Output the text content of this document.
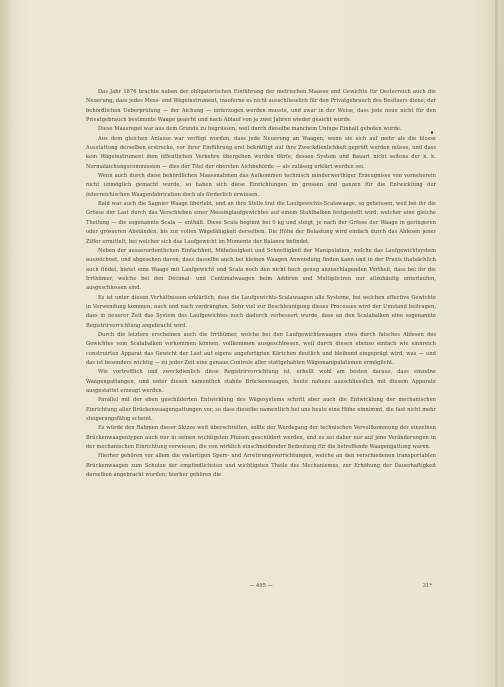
Das Jahr 1876 brachte neben der obligatorischen Einführung der metrischen Maasse und Gewichte für Oesterreich auch die Neuerung, dass jedes Mess- und Wägeinstrument, insoferne es nicht ausschliesslich für den Privatgebrauch des Besitzers diene, der behördlichen Ueberprüfung — der Aichung — unterzogen werden musste, und zwar in der Weise, dass jede neue nicht für den Privatgebrauch bestimmte Waage geaicht und nach Ablauf von je zwei Jahren wieder geaicht wurde.

Diese Maasregel war aus dem Grunde zu begrüssen, weil durch dieselbe manchem Unfuge Einhalt geboten wurde.

Aus dem gleichen Anlasse war verfügt worden, dass jede Neuerung an Waagen, wenn sie sich auf mehr als die blosse Ausstattung derselben erstrecke, vor ihrer Einführung erst bekräftigt auf ihre Zweckdienlichkeit geprüft werden müsse, und dass kein Wägeinstrument dem öffentlichen Verkehre übergeben werden dürfe, dessen System und Bauart nicht seitens der k. k. Normalaichungscommission — dies der Titel der obersten Aichbehörde — als zulässig erklärt worden sei.

Wenn auch durch diese behördlichen Maassnahmen das Aufkommen technisch minderwerthiger Erzeugnisse von vorneherein nicht unmöglich gemacht wurde, so haben sich diese Einrichtungen im grossen und ganzen für die Entwicklung der österreichischen Waagenfabrication doch als förderlich erwiesen.

Bald war auch die Sagnier Waage überlebt, und an ihre Stelle trat die Laufgewichts-Scalawaage, so geheissen, weil bei ihr die Grösse der Last durch das Verschieben einer Messinglaufgewichtes auf einem Stahlbalken festgestellt wird, welcher eine gleiche Theilung — die sogenannte Scala — enthält. Diese Scala beginnt bei 0 kg und steigt, je nach der Grösse der Waage in geringeren oder grösseren Abständen, bis zur vollen Wägefähigkeit derselben. Die Höhe der Belastung wird einfach durch das Ablesen jener Ziffer ermittelt, bei welcher sich das Laufgewicht im Momente der Balance befindet.

Neben der ausserordentlichen Einfachheit, Mühelosigkeit und Schnelligkeit der Manipulation, welche das Laufgewichtsystem auszeichnet, und abgesehen davon, dass dasselbe auch bei kleinen Waagen Anwendung finden kann und in der Praxis thatsächlich auch findet, bietet eine Waage mit Laufgewicht und Scala noch den nicht hoch genug anzuschlagenden Vortheil, dass bei ihr die Irrthümer, welche bei den Decimal- und Centimalwaagen beim Addiren und Multipliciren nur allzuhäufig unterlaufen, ausgeschlossen sind.

Es ist unter diesen Verhältnissen erklärlich, dass die Laufgewichts-Scalawaagen alle Systeme, bei welchen effective Gewichte in Verwendung kommen, nach und nach verdrängten. Sehr viel zur Beschleunigung dieses Processes wird der Umstand beitragen, dass in neuerer Zeit das System des Laufgewichtes noch dadurch verbessert wurde, dass an den Scalabalken eine sogenannte Registrirvorrichtung angebracht wird.

Durch die letztere erscheinen auch die Irrthümer, welche bei den Laufgewichtswaagen etwa durch falsches Ablesen des Gewichtes vom Scalabalken vorkommen können, vollkommen ausgeschlossen, weil durch diesen ebenso einfach wie sinnreich construirten Apparat das Gewicht der Last auf eigens angefertigten Kärtchen deutlich und bleibend eingeprägt wird, was — und das ist besonders wichtig — zu jeder Zeit eine genaue Controle aller stattgehabten Wägemanipulationen ermöglicht.

Wie vortrefflich und zweckdienlich diese Registrirvorrichtung ist, erhellt wohl am besten daraus, dass einzelne Waagengattungen, und unter diesen namentlich stabile Brückenwaagen, heute nahezu ausschliesslich mit diesem Apparate ausgestattet erzeugt werden.

Parallel mit der eben geschilderten Entwicklung des Wägesystems schritt aber auch die Entwicklung der mechanischen Einrichtung aller Brückenwaagengattungen vor, so dass dieselbe namentlich bei uns heute eine Höhe einnimmt, die fast nicht mehr steigerungsfähig scheint.

Es würde den Rahmen dieser Skizze weit überschreiten, sollte der Werdegang der technischen Vervollkommung der einzelnen Brückenwaagentypen auch nur in seinen wichtigsten Phasen geschildert werden, und es sei daher nur auf jene Veränderungen in der mechanischen Einrichtung verwiesen, die von wirklich einschneidender Bedeutung für die betreffende Waagengattung waren.

Hierher gehören vor allem die vielartigen Sperr- und Arretirungsvorrichtungen, welche an den verschiedenen transportablen Brückenwaagen zum Schutze der empfindlichsten und wichtigsten Theile des Mechanismus, zur Erhöhung der Dauerhaftigkeit derselben angebracht wurden; hierher gehören die

— 495 —	31*
